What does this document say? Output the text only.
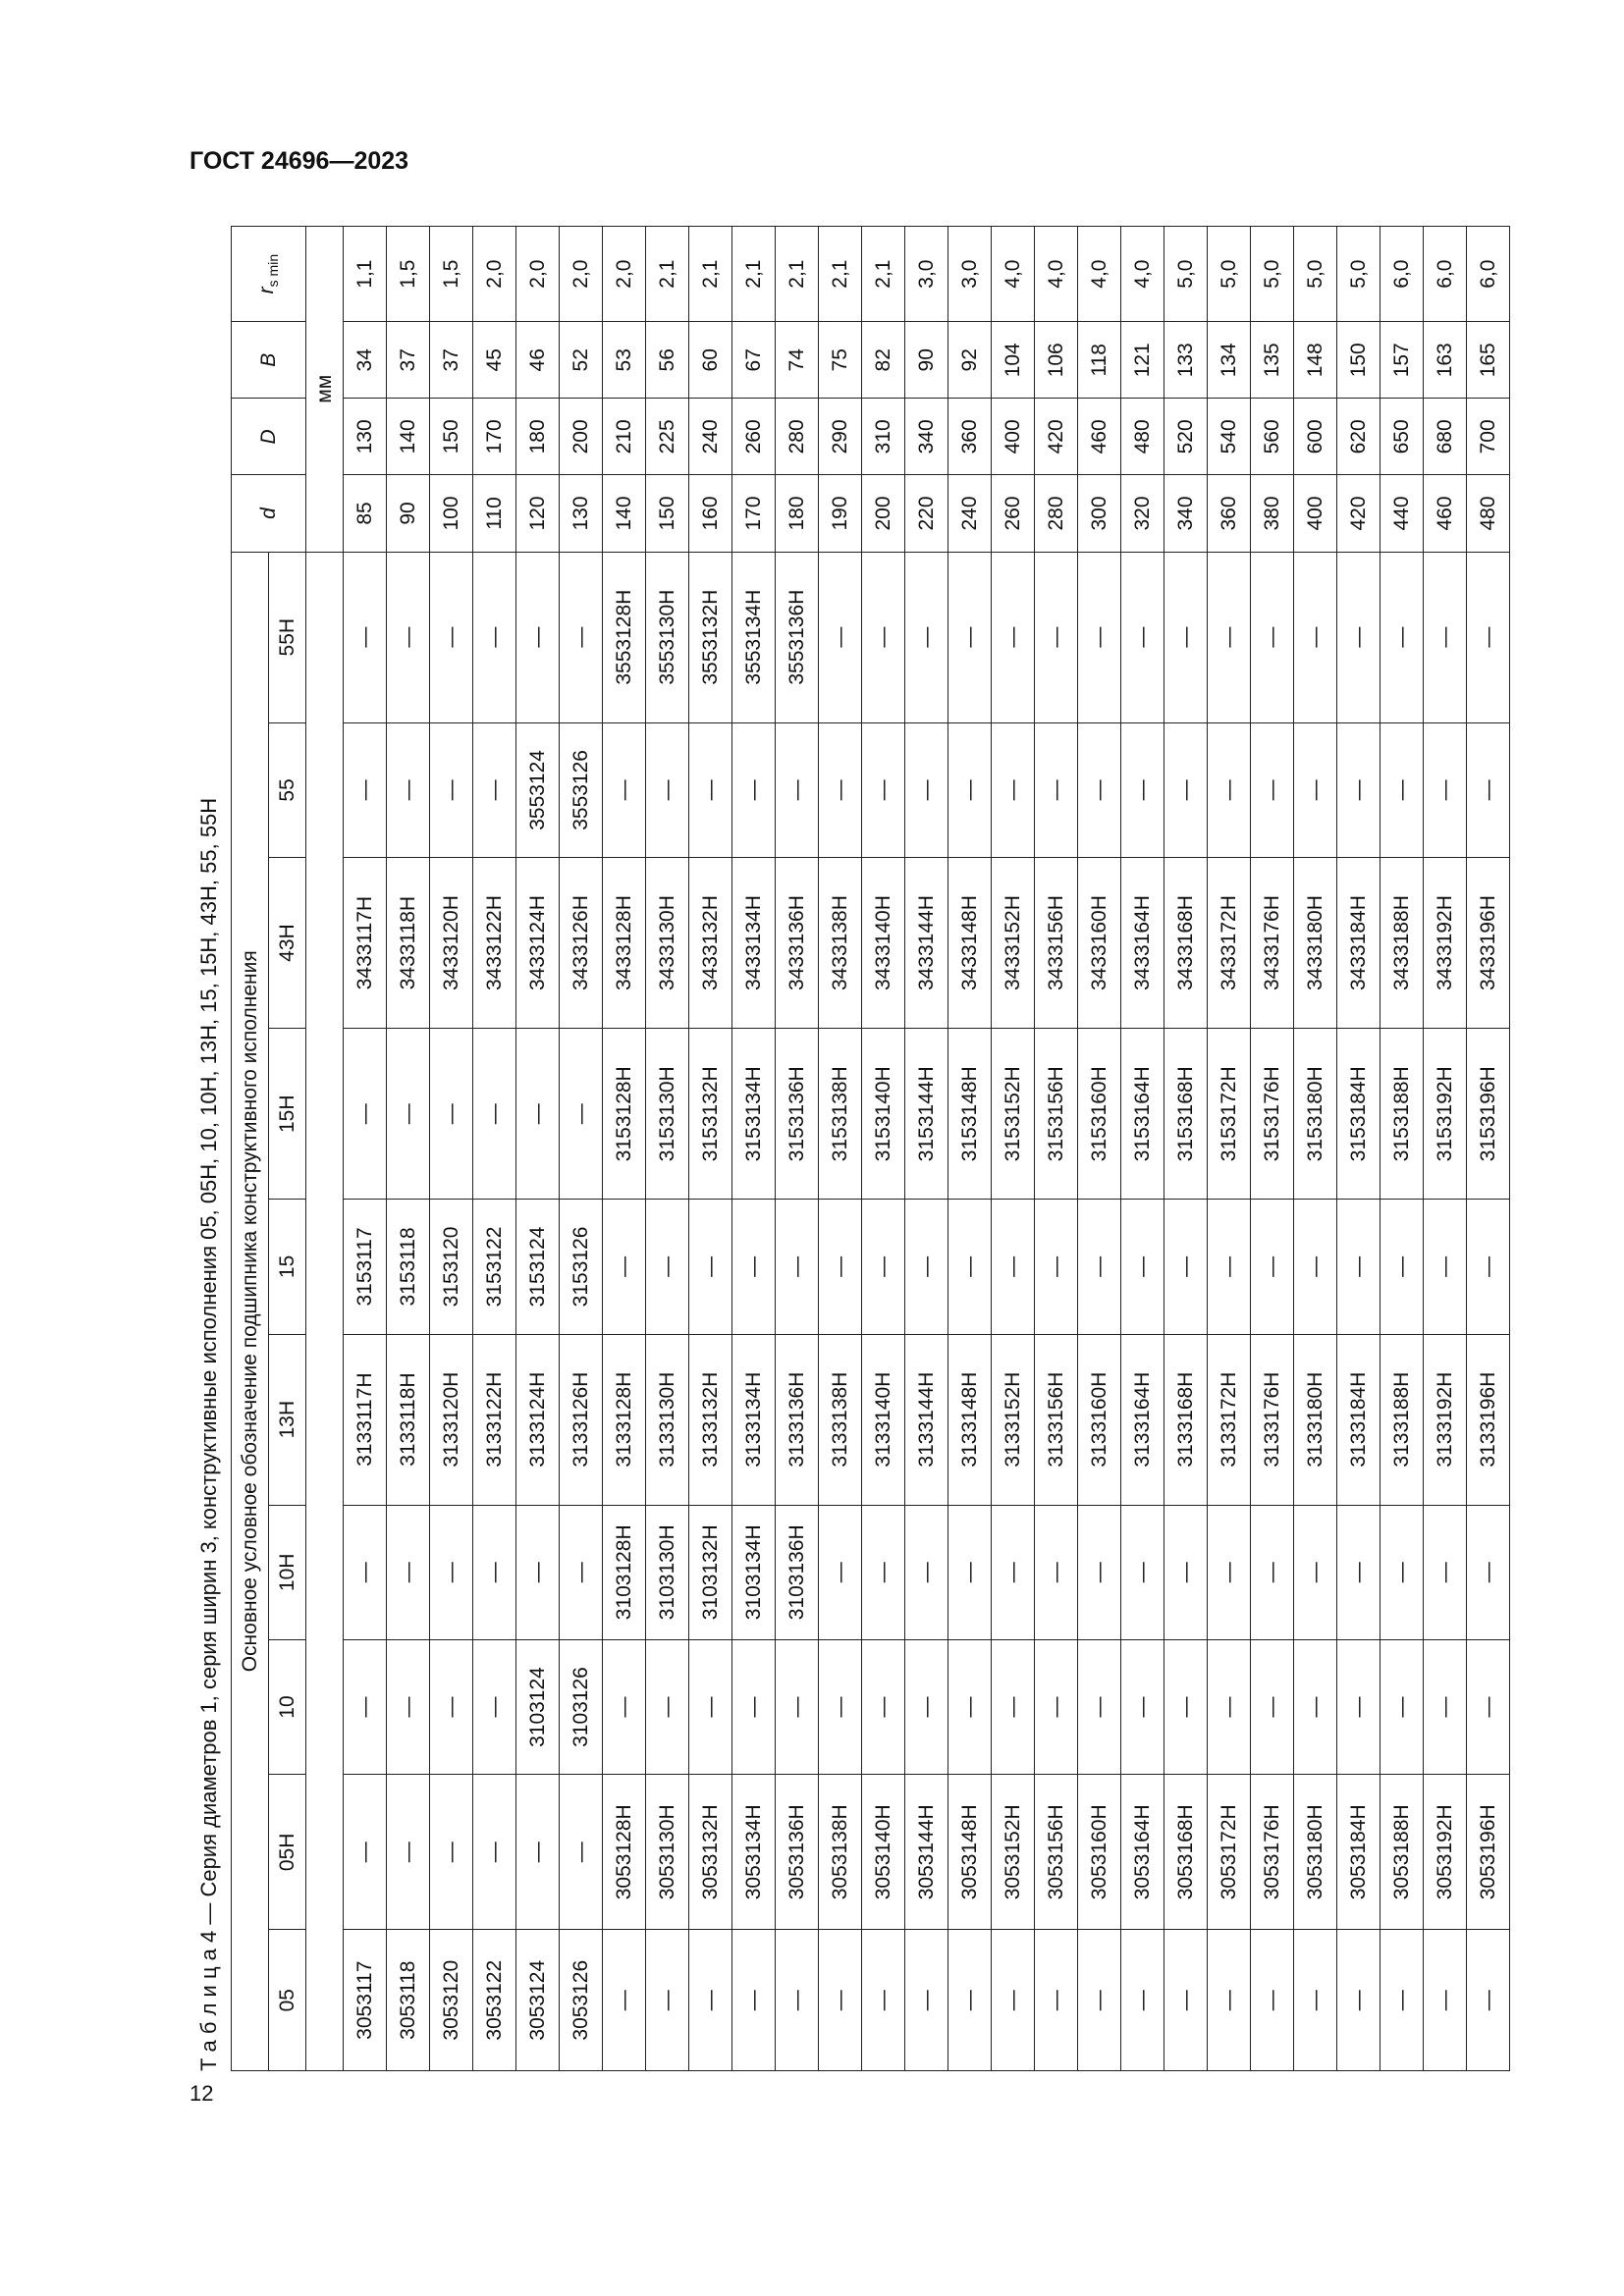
ГОСТ 24696—2023
12
Т а б л и ц а 4 — Серия диаметров 1, серия ширин 3, конструктивные исполнения 05, 05Н, 10, 10Н, 13Н, 15, 15Н, 43Н, 55, 55Н Основное условное обозначение подшипника конструктивного исполнения										d	D	B	$r_{s min}$
05	05Н	10	10Н	13Н	15	15Н	43Н	55	55Н				
										мм			
3053117	—	—	—	3133117Н	3153117	—	3433117Н	—	—	85	130	34	1,1
3053118	—	—	—	3133118Н	3153118	—	3433118Н	—	—	90	140	37	1,5
3053120	—	—	—	3133120Н	3153120	—	3433120Н	—	—	100	150	37	1,5
3053122	—	—	—	3133122Н	3153122	—	3433122Н	—	—	110	170	45	2,0
3053124	—	3103124	—	3133124Н	3153124	—	3433124Н	3553124	—	120	180	46	2,0
3053126	—	3103126	—	3133126Н	3153126	—	3433126Н	3553126	—	130	200	52	2,0
—	3053128Н	—	3103128Н	3133128Н	—	3153128Н	3433128Н	—	3553128Н	140	210	53	2,0
—	3053130Н	—	3103130Н	3133130Н	—	3153130Н	3433130Н	—	3553130Н	150	225	56	2,1
—	3053132Н	—	3103132Н	3133132Н	—	3153132Н	3433132Н	—	3553132Н	160	240	60	2,1
—	3053134Н	—	3103134Н	3133134Н	—	3153134Н	3433134Н	—	3553134Н	170	260	67	2,1
—	3053136Н	—	3103136Н	3133136Н	—	3153136Н	3433136Н	—	3553136Н	180	280	74	2,1
—	3053138Н	—	—	3133138Н	—	3153138Н	3433138Н	—	—	190	290	75	2,1
—	3053140Н	—	—	3133140Н	—	3153140Н	3433140Н	—	—	200	310	82	2,1
—	3053144Н	—	—	3133144Н	—	3153144Н	3433144Н	—	—	220	340	90	3,0
—	3053148Н	—	—	3133148Н	—	3153148Н	3433148Н	—	—	240	360	92	3,0
—	3053152Н	—	—	3133152Н	—	3153152Н	3433152Н	—	—	260	400	104	4,0
—	3053156Н	—	—	3133156Н	—	3153156Н	3433156Н	—	—	280	420	106	4,0
—	3053160Н	—	—	3133160Н	—	3153160Н	3433160Н	—	—	300	460	118	4,0
—	3053164Н	—	—	3133164Н	—	3153164Н	3433164Н	—	—	320	480	121	4,0
—	3053168Н	—	—	3133168Н	—	3153168Н	3433168Н	—	—	340	520	133	5,0
—	3053172Н	—	—	3133172Н	—	3153172Н	3433172Н	—	—	360	540	134	5,0
—	3053176Н	—	—	3133176Н	—	3153176Н	3433176Н	—	—	380	560	135	5,0
—	3053180Н	—	—	3133180Н	—	3153180Н	3433180Н	—	—	400	600	148	5,0
—	3053184Н	—	—	3133184Н	—	3153184Н	3433184Н	—	—	420	620	150	5,0
—	3053188Н	—	—	3133188Н	—	3153188Н	3433188Н	—	—	440	650	157	6,0
—	3053192Н	—	—	3133192Н	—	3153192Н	3433192Н	—	—	460	680	163	6,0
—	3053196Н	—	—	3133196Н	—	3153196Н	3433196Н	—	—	480	700	165	6,0
